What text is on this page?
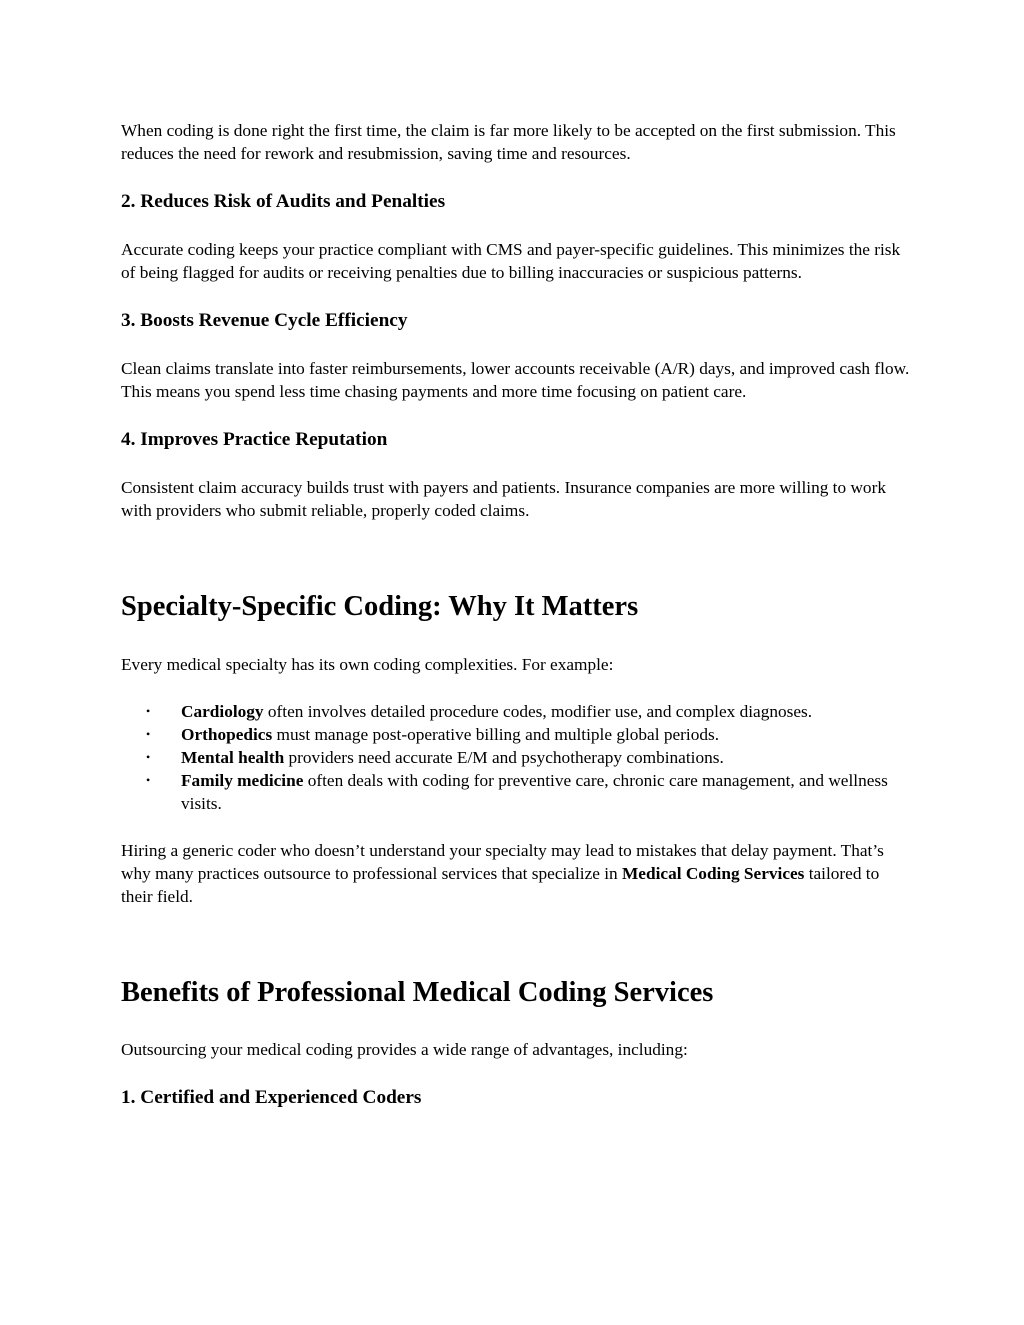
When coding is done right the first time, the claim is far more likely to be accepted on the first submission. This reduces the need for rework and resubmission, saving time and resources.

2. Reduces Risk of Audits and Penalties

Accurate coding keeps your practice compliant with CMS and payer-specific guidelines. This minimizes the risk of being flagged for audits or receiving penalties due to billing inaccuracies or suspicious patterns.

3. Boosts Revenue Cycle Efficiency

Clean claims translate into faster reimbursements, lower accounts receivable (A/R) days, and improved cash flow. This means you spend less time chasing payments and more time focusing on patient care.

4. Improves Practice Reputation

Consistent claim accuracy builds trust with payers and patients. Insurance companies are more willing to work with providers who submit reliable, properly coded claims.

Specialty-Specific Coding: Why It Matters

Every medical specialty has its own coding complexities. For example:

• Cardiology often involves detailed procedure codes, modifier use, and complex diagnoses.
• Orthopedics must manage post-operative billing and multiple global periods.
• Mental health providers need accurate E/M and psychotherapy combinations.
• Family medicine often deals with coding for preventive care, chronic care management, and wellness visits.

Hiring a generic coder who doesn’t understand your specialty may lead to mistakes that delay payment. That’s why many practices outsource to professional services that specialize in Medical Coding Services tailored to their field.

Benefits of Professional Medical Coding Services

Outsourcing your medical coding provides a wide range of advantages, including:

1. Certified and Experienced Coders
